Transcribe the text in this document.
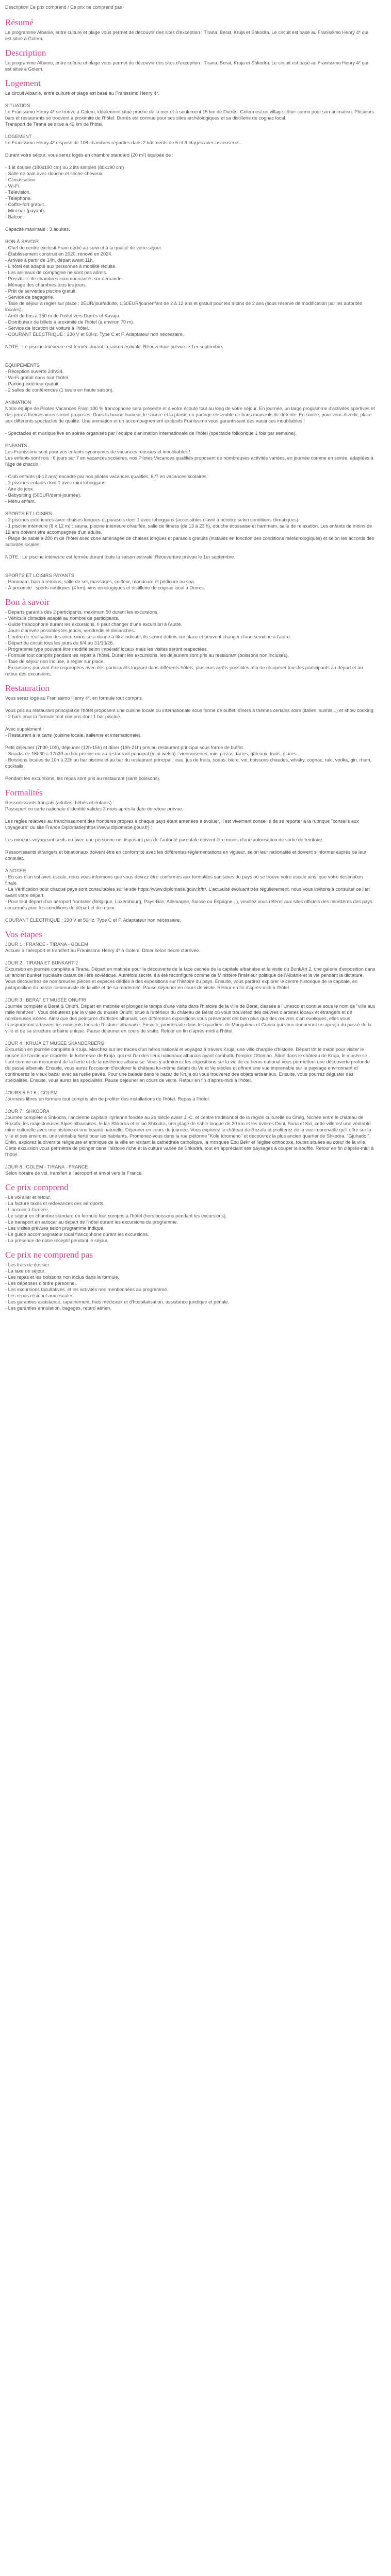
Description Ce prix comprend / Ce prix ne comprend pas
Résumé

Le programme Albanie, entre culture et plage vous permet de découvrir des sites d'exception : Tirana, Berat, Kruja et Shkodra. Le circuit est basé au Franissimo Henry 4* qui est situé à Golem.

Description

Le programme Albanie, entre culture et plage vous permet de découvrir des sites d'exception : Tirana, Berat, Kruja et Shkodra. Le circuit est basé au Franissimo Henry 4* qui est situé à Golem.

Logement
Le circuit Albanie, entre culture et plage est basé au Franissimo Henry 4*.
SITUATION
Le Franissimo Henry 4* se trouve à Golem, idéalement situé proche de la mer et à seulement 15 km de Durrës. Golem est un village côtier connu pour son animation. Plusieurs bars et restaurants se trouvent à proximité de l'hôtel. Durrës est connue pour ses sites archéologiques et sa distillerie de cognac local.
Transport de Tirana se situe à 42 km de l'hôtel.
LOGEMENT
Le Franissimo Henry 4* dispose de 108 chambres réparties dans 2 bâtiments de 5 et 6 étages avec ascenseurs.
Durant votre séjour, vous serez logés en chambre standard (20 m²) équipée de :
- 1 lit double (180x190 cm) ou 2 lits simples (80x190 cm)
- Salle de bain avec douche et sèche-cheveux.
- Climatisation.
- Wi-Fi.
- Télévision.
- Téléphone.
- Coffre-fort gratuit.
- Mini-bar (payant).
- Balcon.
Capacité maximale : 3 adultes.
BON À SAVOIR
- Chef de centre exclusif Fram dédié au suivi et à la qualité de votre séjour.
- Établissement construit en 2020, rénové en 2024.
- Arrivée à partir de 14h, départ avant 11h.
- L'hôtel est adapté aux personnes à mobilité réduite.
- Les animaux de compagnie ne sont pas admis.
- Possibilité de chambres communicantes sur demande.
- Ménage des chambres tous les jours.
- Prêt de serviettes piscine gratuit.
- Service de bagagerie.
- Taxe de séjour à régler sur place : 2EUR/jour/adulte, 1,50EUR/jour/enfant de 2 à 12 ans et gratuit pour les moins de 2 ans (sous réserve de modification par les autorités locales).
- Arrêt de bus à 150 m de l'hôtel vers Durrës et Kavaja.
- Distributeur de billets à proximité de l'hôtel (à environ 70 m).
- Service de location de voiture à l'hôtel.
- COURANT ÉLECTRIQUE : 230 V et 50Hz. Type C et F. Adaptateur non nécessaire.
NOTE : Le piscine intérieure est fermée durant la saison estivale. Réouverture prévue le 1er septembre.
ÉQUIPEMENTS
- Réception ouverte 24h/24.
- Wi-Fi gratuit dans tout l'hôtel.
- Parking extérieur gratuit.
- 2 salles de conférences (1 seule en haute saison).
ANIMATION
Notre équipe de Pilotes Vacances Fram 100 % francophone sera présente et à votre écoute tout au long de votre séjour. En journée, un large programme d'activités sportives et des jeux à thèmes vous seront proposés. Dans la bonne humeur, le sourire et la plaisir, en partage ensemble de bons moments de détente. En soirée, pour vous divertir, place aux différents spectacles de qualité. Une animation et un accompagnement exclusifs Franissimo vous garantissant des vacances inoubliables !
- Spectacles et musique live en soirée organisés par l'équipe d'animation internationale de l'hôtel (spectacle folklorique 1 fois par semaine).
ENFANTS
Les Franissimo sont pour vos enfants synonymes de vacances réussies et inoubliables !
Les enfants sont rois : 6 jours sur 7 en vacances scolaires, nos Pilotes Vacances qualifiés proposent de nombreuses activités variées, en journée comme en soirée, adaptées à l'âge de chacun.
- Club enfants (4-12 ans) encadré par nos pilotes vacances qualifiés, 6j/7 en vacances scolaires.
- 2 piscines enfants dont 1 avec mini toboggans.
- Aire de jeux.
- Babysitting (50EUR/demi-journée).
- Menu enfant.
SPORTS ET LOISIRS
- 2 piscines extérieures avec chaises longues et parasols dont 1 avec toboggans (accessibles d'avril à octobre selon conditions climatiques).
- 1 piscine intérieure (8 x 12 m) : sauna, piscine intérieure chauffée, salle de fitness (de 13 à 23 h), douche écossaise et hammam, salle de relaxation. Les enfants de moins de 12 ans doivent être accompagnés d'un adulte.
- Plage de sable à 280 m de l'hôtel avec zone aménagée de chaises longues et parasols gratuits (installés en fonction des conditions météorologiques) et selon les accords des autorités locales.
NOTE : Le piscine intérieure est fermée durant toute la saison estivale. Réouverture prévue le 1er septembre.
SPORTS ET LOISIRS PAYANTS
- Hammam, bain à remous, salle de sel, massages, coiffeur, manucure et pédicure au spa.
- À proximité : sports nautiques (4 km), vins œnologiques et distillerie de cognac local à Durres.
Bon à savoir
- Départs garantis dès 2 participants, maximum 50 durant les excursions.
- Véhicule climatisé adapté au nombre de participants.
- Guide francophone durant les excursions. Il peut changer d'une excursion à l'autre.
- Jours d'arrivée possibles les jeudis, vendredis et dimanches.
- L'ordre de réalisation des excursions sera donné à titre indicatif, ils seront définis sur place et peuvent changer d'une semaine à l'autre.
- Départ du circuit tous les jours du 6/4 au 31/10/26.
- Programme type pouvant être modifié selon impératif locaux mais les visites seront respectées.
- Formule tout compris pendant les repas à l'hôtel. Durant les excursions, les déjeuners sont pris au restaurant (boissons non incluses).
- Taxe de séjour non incluse, à régler sur place.
- Excursions pouvant être regroupées avec des participants logeant dans différents hôtels, plusieurs arrêts possibles afin de récupérer tous les participants au départ et au retour des excursions.
Restauration
Vous serez logé au Franissimo Henry 4*, en formule tout compris.
Vous pris au restaurant principal de l'hôtel proposent une cuisine locale ou internationale sous forme de buffet, dîners à thèmes certains soirs (italien, sushis...) et show cooking.
- 2 bars pour la formule tout compris dont 1 bar piscine.
Avec supplément :
- Restaurant à la carte (cuisine locale, italienne et internationale).
Petit déjeuner (7h30-10h), déjeuner (12h-15h) et dîner (19h-21h) pris au restaurant principal sous forme de buffet.
- Snacks de 16h30 à 17h30 au bar piscine ou au restaurant principal (mini-welsh) : viennoiseries, mini pizzas, tartes, gâteaux, fruits, glaces...
- Boissons locales de 10h à 22h au bar piscine et au bar du restaurant principal : eau, jus de fruits, sodas, bière, vin, boissons chaudes, whisky, cognac, raki, vodka, gin, rhum, cocktails.
Pendant les excursions, les repas sont pris au restaurant (sans boissons).
Formalités
Ressortissants français (adultes, bébés et enfants) :
Passeport ou carte nationale d'identité valides 3 mois après la date de retour prévue.
Les règles relatives au franchissement des frontières propres à chaque pays étant amenées à évoluer, il est vivement conseillé de se reporter à la rubrique "conseils aux voyageurs" du site France Diplomatie(https://www.diplomatie.gouv.fr) :
Les mineurs voyageant seuls ou avec une personne ne disposant pas de l'autorité parentale doivent être munis d'une autorisation de sortie de territoire.
Ressortissants étrangers et binationaux doivent être en conformité avec les différentes réglementations en vigueur, selon leur nationalité et doivent s'informer auprès de leur consulat.
A NOTER
- En cas d'un vol avec escale, nous vous informons que vous devrez être conformes aux formalités sanitaires du pays où se trouve votre escale ainsi que votre destination finale.
- La Vérification pour chaque pays sont consultables sur le site https://www.diplomatie.gouv.fr/fr/. L'actualité évoluant très régulièrement, nous vous invitons à consulter ce lien avant votre départ.
- Pour tout départ d'un aéroport frontalier (Belgique, Luxembourg, Pays-Bas, Allemagne, Suisse ou Espagne...), veuillez vous référer aux sites officiels des ministères des pays concernés pour les conditions de départ et de retour.
COURANT ÉLECTRIQUE : 230 V et 50Hz. Type C et F. Adaptateur non nécessaire.
Vos étapes
JOUR 1 : FRANCE - TIRANA - GOLEM
Accueil à l'aéroport et transfert au Franissimo Henry 4* à Golem. Dîner selon heure d'arrivée.
JOUR 2 : TIRANA ET BUNKART 2
Excursion en journée complète à Tirana. Départ en matinée pour la découverte de la face cachée de la capitale albanaise et la visite du BunkArt 2, une galerie d'exposition dans un ancien bunker nucléaire datant de l'ère soviétique. Autrefois secret, il a été reconfiguré comme de Ministère l'intérieur politique de l'Albanie et la vie pendant la dictature. Vous découvrirez de nombreuses pièces et espaces dédiés à des expositions sur l'histoire du pays. Ensuite, vous partirez explorer le centre historique de la capitale, en juxtaposition du passé communiste de la ville et de sa modernité. Pause déjeuner en cours de visite. Retour en fin d'après-midi à l'hôtel.
JOUR 3 : BERAT ET MUSÉE ONUFRI
Journée complète à Berat & Onufri. Départ en matinée et plongez le temps d'une visite dans l'histoire de la ville de Berat, classée à l'Unesco et connue sous le nom de "ville aux mille fenêtres". Vous débuterez par la visite du musée Onufri, situé à l'intérieur du château de Berat où vous trouverez des œuvres d'artistes locaux et étrangers et de nombreuses icônes. Ainsi que des peintures d'artistes albanais. Les différentes expositions vous présentent ont bien plus que des œuvres d'art exotiques, elles vous transporteront à travers les moments forts de l'histoire albanaise. Ensuite, promenade dans les quartiers de Mangalemi et Gorica qui vous donneront un aperçu du passé de la ville et de sa structure urbaine unique. Pause déjeuner en cours de visite. Retour en fin d'après-midi à l'hôtel.
JOUR 4 : KRUJA ET MUSÉE SKANDERBERG
Excursion en journée complète à Kruja. Marchez sur les traces d'un héros national et voyagez à travers Kruja, une ville chargée d'histoire. Départ tôt le matin pour visiter le musée de l'ancienne citadelle, la forteresse de Kruja, qui est l'un des lieux nationaux albanais ayant combattu l'empire Ottoman. Situé dans le château de Kruja, le musée se tient comme un monument de la fierté et de la résilience albanaise. Vous y admirerez les expositions sur la vie de ce héros national vous permettent une découverte profonde du passé albanais. Ensuite, vous aurez l'occasion d'explorer le château lui-même datant du Ve et Ve siècles et offrant une vue imprenable sur le paysage environnant et continuerez le vieux bazar avec sa ruelle pavée. Pour une balade dans le bazar de Kruja où vous trouverez des objets artisanaux, Ensuite, vous pourrez déguster des spécialités. Ensuite, vous aurez les spécialités. Pause déjeuner en cours de visite. Retour en fin d'après-midi à l'hôtel.
JOURS 5 ET 6 : GOLEM
Journées libres en formule tout compris afin de profiter des installations de l'hôtel. Repas à l'hôtel.
JOUR 7 : SHKODRA
Journée complète à Shkodra, l'ancienne capitale illyrienne fondée au 3e siècle avant J.-C. et centre traditionnel de la région culturelle du Ghég. Nichée entre le château de Rozafa, les majestueuses Alpes albanaises, le lac Shkodra et le lac Shkodra, une plage de sable longue de 20 km et les rivières Drini, Buna et Kiri, cette ville est une véritable mine culturelle avec une histoire et une beauté naturelle. Déjeuner en cours de journée. Vous explorez le château de Rozafa et profiterez de la vue imprenable qu'il offre sur la ville et ses environs, une véritable fierté pour les habitants. Promenez-vous dans la rue piétonne "Kole Idromeno" et découvrez la plus ancien quartier de Shkodra, "Gjuhadol". Enfin, explorez la diversité religieuse et ethnique de la ville en visitant la cathédrale catholique, la mosquée Ebu Bekr et l'église orthodoxe, toutes situées au cœur de la ville. Cette excursion vous permettra de plonger dans l'histoire riche et la culture variée de Shkodra, tout en appréciant ses paysages à couper le souffle. Retour en fin d'après-midi à l'hôtel.
JOUR 8 : GOLEM - TIRANA - FRANCE
Selon horaire de vol, transfert à l'aéroport et envol vers la France.
Ce prix comprend
- Le vol aller et retour.
- La facturé taxes et redevances des aéroports.
- L'accueil à l'arrivée.
- Le séjour en chambre standard en formule tout compris à l'hôtel (hors boissons pendant les excursions).
- Le transport en autocar au départ de l'hôtel durant les excursions du programme.
- Les visites prévues selon programme indiqué.
- Le guide accompagnateur local francophone durant les excursions.
- La présence de notre réceptif pendant le séjour.
Ce prix ne comprend pas
- Les frais de dossier.
- La taxe de séjour.
- Les repas et les boissons non inclus dans la formule.
- Les dépenses d'ordre personnel.
- Les excursions facultatives, et les activités non mentionnées au programme.
- Les repas résidant aux escales.
- Les garanties assistance, rapatriement, frais médicaux et d'hospitalisation, assistance juridique et pénale.
- Les garanties annulation, bagages, retard aérien.
